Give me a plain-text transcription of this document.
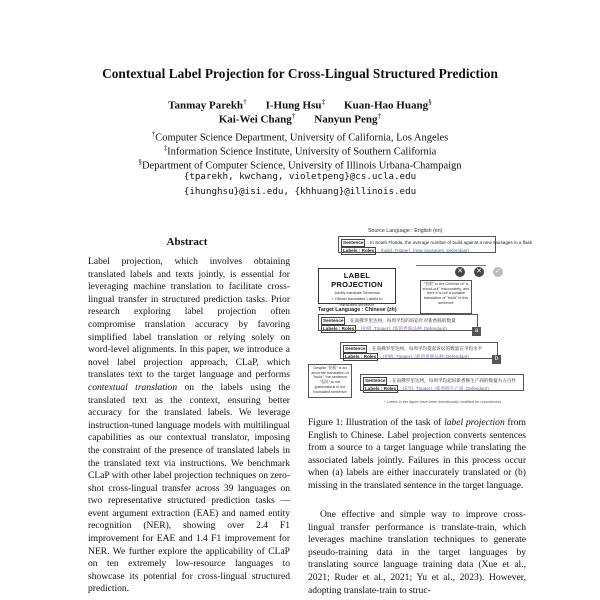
Contextual Label Projection for Cross-Lingual Structured Prediction
Tanmay Parekh† I-Hung Hsu‡ Kuan-Hao Huang§
Kai-Wei Chang† Nanyun Peng†
†Computer Science Department, University of California, Los Angeles
‡Information Science Institute, University of Southern California
§Department of Computer Science, University of Illinois Urbana-Champaign
{tparekh, kwchang, violetpeng}@cs.ucla.edu
{ihunghsu}@isi.edu, {khhuang}@illinois.edu
Abstract
Label projection, which involves obtaining translated labels and texts jointly, is essential for leveraging machine translation to facilitate cross-lingual transfer in structured prediction tasks. Prior research exploring label projection often compromise translation accuracy by favoring simplified label translation or relying solely on word-level alignments. In this paper, we introduce a novel label projection approach, CLaP, which translates text to the target language and performs contextual translation on the labels using the translated text as the context, ensuring better accuracy for the translated labels. We leverage instruction-tuned language models with multilingual capabilities as our contextual translator, imposing the constraint of the presence of translated labels in the translated text via instructions. We benchmark CLaP with other label projection techniques on zero-shot cross-lingual transfer across 39 languages on two representative structured prediction tasks — event argument extraction (EAE) and named entity recognition (NER), showing over 2.4 F1 improvement for EAE and 1.4 F1 improvement for NER. We further explore the applicability of CLaP on ten extremely low-resource languages to showcase its potential for cross-lingual structured prediction.
Source Language : English (en)
Sentence : In South Florida, the average number of build against a new sausages in a flask
Labels : Roles : (build, Trigger), (new sausages, Defendant)
✕ ✕ ✓
LABEL PROJECTION
Jointly translate Sentence
+ Obtain translated Labels in
translated sentence
"拍板" is the Chinese of "a shout-out" inaccurately, and here it is not a suitable translation of "build" in this sentence
Target Language : Chinese (zh)
Sentence : 在南佛罗里达州，每周平均的诉讼针对新香肠的数量
Labels : Roles : (拍板, Trigger), (新的香肠品种, Defendant)	a
Sentence : 在南佛罗里达州，每周平均提起诉讼的数量在平均水平
Labels : Roles : (拍板, Trigger), (新的香肠品种, Defendant)	b
Despite "拍板" is an accurate translation of "build", the sentence "起诉" is not grammatical in the translated sentence
Sentence : 在南佛罗里达州，每周平均起诉新香肠生产商的数量为五百件
Labels : Roles : (起诉, Trigger), (新香肠生产商, Defendant)
* Labels in the figure have been intentionally modified for conciseness
Figure 1: Illustration of the task of label projection from English to Chinese. Label projection converts sentences from a source to a target language while translating the associated labels jointly. Failures in this process occur when (a) labels are either inaccurately translated or (b) missing in the translated sentence in the target language.
One effective and simple way to improve cross-lingual transfer performance is translate-train, which leverages machine translation techniques to generate pseudo-training data in the target languages by translating source language training data (Xue et al., 2021; Ruder et al., 2021; Yu et al., 2023). However, adopting translate-train to struc-
